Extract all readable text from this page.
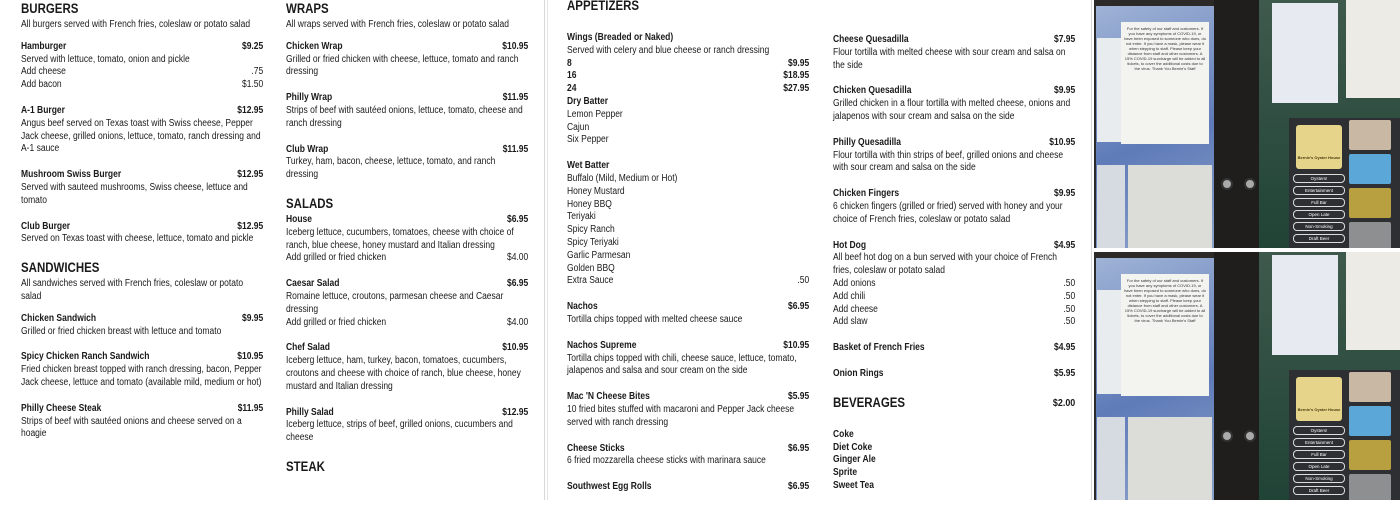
BURGERS
All burgers served with French fries, coleslaw or potato salad
Hamburger	$9.25
Served with lettuce, tomato, onion and pickle
Add cheese	.75
Add bacon	$1.50
A-1 Burger	$12.95
Angus beef served on Texas toast with Swiss cheese, Pepper Jack cheese, grilled onions, lettuce, tomato, ranch dressing and A-1 sauce
Mushroom Swiss Burger	$12.95
Served with sauteed mushrooms, Swiss cheese, lettuce and tomato
Club Burger	$12.95
Served on Texas toast with cheese, lettuce, tomato and pickle
SANDWICHES
All sandwiches served with French fries, coleslaw or potato salad
Chicken Sandwich	$9.95
Grilled or fried chicken breast with lettuce and tomato
Spicy Chicken Ranch Sandwich	$10.95
Fried chicken breast topped with ranch dressing, bacon, Pepper Jack cheese, lettuce and tomato (available mild, medium or hot)
Philly Cheese Steak	$11.95
Strips of beef with sautéed onions and cheese served on a hoagie
WRAPS
All wraps served with French fries, coleslaw or potato salad
Chicken Wrap	$10.95
Grilled or fried chicken with cheese, lettuce, tomato and ranch dressing
Philly Wrap	$11.95
Strips of beef with sautéed onions, lettuce, tomato, cheese and ranch dressing
Club Wrap	$11.95
Turkey, ham, bacon, cheese, lettuce, tomato, and ranch dressing
SALADS
House	$6.95
Iceberg lettuce, cucumbers, tomatoes, cheese with choice of ranch, blue cheese, honey mustard and Italian dressing
Add grilled or fried chicken	$4.00
Caesar Salad	$6.95
Romaine lettuce, croutons, parmesan cheese and Caesar dressing
Add grilled or fried chicken	$4.00
Chef Salad	$10.95
Iceberg lettuce, ham, turkey, bacon, tomatoes, cucumbers, croutons and cheese with choice of ranch, blue cheese, honey mustard and Italian dressing
Philly Salad	$12.95
Iceberg lettuce, strips of beef, grilled onions, cucumbers and cheese
STEAK
APPETIZERS
Wings (Breaded or Naked)
Served with celery and blue cheese or ranch dressing
8	$9.95
16	$18.95
24	$27.95
Dry Batter
Lemon Pepper
Cajun
Six Pepper
Wet Batter
Buffalo (Mild, Medium or Hot)
Honey Mustard
Honey BBQ
Teriyaki
Spicy Ranch
Spicy Teriyaki
Garlic Parmesan
Golden BBQ
Extra Sauce	.50
Nachos	$6.95
Tortilla chips topped with melted cheese sauce
Nachos Supreme	$10.95
Tortilla chips topped with chili, cheese sauce, lettuce, tomato, jalapenos and salsa and sour cream on the side
Mac 'N Cheese Bites	$5.95
10 fried bites stuffed with macaroni and Pepper Jack cheese served with ranch dressing
Cheese Sticks	$6.95
6 fried mozzarella cheese sticks with marinara sauce
Southwest Egg Rolls	$6.95
Cheese Quesadilla	$7.95
Flour tortilla with melted cheese with sour cream and salsa on the side
Chicken Quesadilla	$9.95
Grilled chicken in a flour tortilla with melted cheese, onions and jalapenos with sour cream and salsa on the side
Philly Quesadilla	$10.95
Flour tortilla with thin strips of beef, grilled onions and cheese with sour cream and salsa on the side
Chicken Fingers	$9.95
6 chicken fingers (grilled or fried) served with honey and your choice of French fries, coleslaw or potato salad
Hot Dog	$4.95
All beef hot dog on a bun served with your choice of French fries, coleslaw or potato salad
Add onions	.50
Add chili	.50
Add cheese	.50
Add slaw	.50
Basket of French Fries	$4.95
Onion Rings	$5.95
BEVERAGES	$2.00
Coke
Diet Coke
Ginger Ale
Sprite
Sweet Tea
For the safety of our staff and customers. If you have any symptoms of COVID-19, or have been exposed to someone who does, do not enter. If you have a mask, please wear it when stepping to staff. Please keep your distance from staff and other customers. A 15% COVID-19 surcharge will be added to all tickets, to cover the additional costs due to the virus. Thank You Bernie's Staff
Bernie's Oyster House
Oysters!
Entertainment
Full Bar
Open Late
Non-Smoking
Draft Beer
For the safety of our staff and customers. If you have any symptoms of COVID-19, or have been exposed to someone who does, do not enter. If you have a mask, please wear it when stepping to staff. Please keep your distance from staff and other customers. A 15% COVID-19 surcharge will be added to all tickets, to cover the additional costs due to the virus. Thank You Bernie's Staff
Bernie's Oyster House
Oysters!
Entertainment
Full Bar
Open Late
Non-Smoking
Draft Beer
